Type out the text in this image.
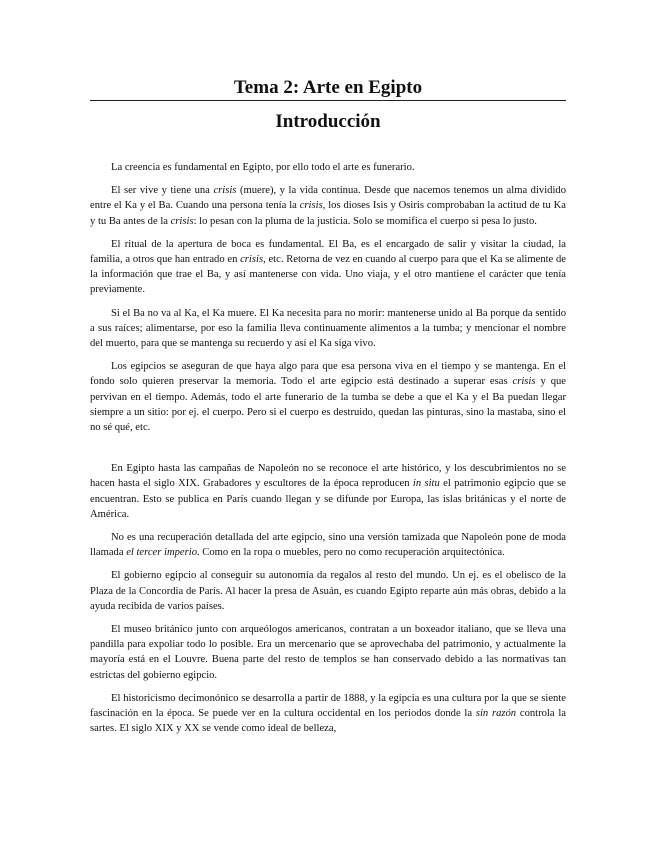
Tema 2: Arte en Egipto
Introducción

La creencia es fundamental en Egipto, por ello todo el arte es funerario.

El ser vive y tiene una crisis (muere), y la vida continua. Desde que nacemos tenemos un alma dividido entre el Ka y el Ba. Cuando una persona tenía la crisis, los dioses Isis y Osiris comprobaban la actitud de tu Ka y tu Ba antes de la crisis: lo pesan con la pluma de la justicia. Solo se momifica el cuerpo si pesa lo justo.

El ritual de la apertura de boca es fundamental. El Ba, es el encargado de salir y visitar la ciudad, la familia, a otros que han entrado en crisis, etc. Retorna de vez en cuando al cuerpo para que el Ka se alimente de la información que trae el Ba, y así mantenerse con vida. Uno viaja, y el otro mantiene el carácter que tenía previamente.

Si el Ba no va al Ka, el Ka muere. El Ka necesita para no morir: mantenerse unido al Ba porque da sentido a sus raíces; alimentarse, por eso la familia lleva continuamente alimentos a la tumba; y mencionar el nombre del muerto, para que se mantenga su recuerdo y así el Ka siga vivo.

Los egipcios se aseguran de que haya algo para que esa persona viva en el tiempo y se mantenga. En el fondo solo quieren preservar la memoria. Todo el arte egipcio está destinado a superar esas crisis y que pervivan en el tiempo. Además, todo el arte funerario de la tumba se debe a que el Ka y el Ba puedan llegar siempre a un sitio: por ej. el cuerpo. Pero si el cuerpo es destruido, quedan las pinturas, sino la mastaba, sino el no sé qué, etc.

En Egipto hasta las campañas de Napoleón no se reconoce el arte histórico, y los descubrimientos no se hacen hasta el siglo XIX. Grabadores y escultores de la época reproducen in situ el patrimonio egipcio que se encuentran. Esto se publica en París cuando llegan y se difunde por Europa, las islas británicas y el norte de América.

No es una recuperación detallada del arte egipcio, sino una versión tamizada que Napoleón pone de moda llamada el tercer imperio. Como en la ropa o muebles, pero no como recuperación arquitectónica.

El gobierno egipcio al conseguir su autonomía da regalos al resto del mundo. Un ej. es el obelisco de la Plaza de la Concordia de París. Al hacer la presa de Asuán, es cuando Egipto reparte aún más obras, debido a la ayuda recibida de varios países.

El museo británico junto con arqueólogos americanos, contratan a un boxeador italiano, que se lleva una pandilla para expoliar todo lo posible. Era un mercenario que se aprovechaba del patrimonio, y actualmente la mayoría está en el Louvre. Buena parte del resto de templos se han conservado debido a las normativas tan estrictas del gobierno egipcio.

El historicismo decimonónico se desarrolla a partir de 1888, y la egipcia es una cultura por la que se siente fascinación en la época. Se puede ver en la cultura occidental en los periodos donde la sin razón controla la sartes. El siglo XIX y XX se vende como ideal de belleza,
